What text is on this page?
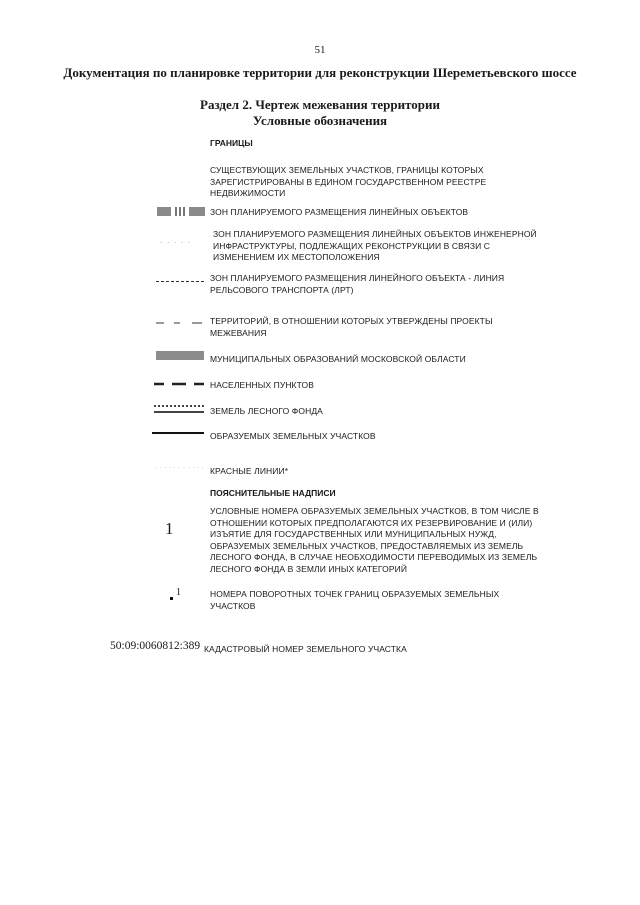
51
Документация по планировке территории для реконструкции Шереметьевского шоссе
Раздел 2. Чертеж межевания территории
Условные обозначения
ГРАНИЦЫ
СУЩЕСТВУЮЩИХ ЗЕМЕЛЬНЫХ УЧАСТКОВ, ГРАНИЦЫ КОТОРЫХ ЗАРЕГИСТРИРОВАНЫ В ЕДИНОМ ГОСУДАРСТВЕННОМ РЕЕСТРЕ НЕДВИЖИМОСТИ
ЗОН ПЛАНИРУЕМОГО РАЗМЕЩЕНИЯ ЛИНЕЙНЫХ ОБЪЕКТОВ
· · · · ·
ЗОН ПЛАНИРУЕМОГО РАЗМЕЩЕНИЯ ЛИНЕЙНЫХ ОБЪЕКТОВ ИНЖЕНЕРНОЙ ИНФРАСТРУКТУРЫ, ПОДЛЕЖАЩИХ РЕКОНСТРУКЦИИ В СВЯЗИ С ИЗМЕНЕНИЕМ ИХ МЕСТОПОЛОЖЕНИЯ
ЗОН ПЛАНИРУЕМОГО РАЗМЕЩЕНИЯ ЛИНЕЙНОГО ОБЪЕКТА - ЛИНИЯ РЕЛЬСОВОГО ТРАНСПОРТА (ЛРТ)
ТЕРРИТОРИЙ, В ОТНОШЕНИИ КОТОРЫХ УТВЕРЖДЕНЫ ПРОЕКТЫ МЕЖЕВАНИЯ
МУНИЦИПАЛЬНЫХ ОБРАЗОВАНИЙ МОСКОВСКОЙ ОБЛАСТИ
НАСЕЛЕННЫХ ПУНКТОВ
ЗЕМЕЛЬ ЛЕСНОГО ФОНДА
ОБРАЗУЕМЫХ ЗЕМЕЛЬНЫХ УЧАСТКОВ
· · · · · · · · · · · КРАСНЫЕ ЛИНИИ*
ПОЯСНИТЕЛЬНЫЕ НАДПИСИ
1
УСЛОВНЫЕ НОМЕРА ОБРАЗУЕМЫХ ЗЕМЕЛЬНЫХ УЧАСТКОВ, В ТОМ ЧИСЛЕ В ОТНОШЕНИИ КОТОРЫХ ПРЕДПОЛАГАЮТСЯ ИХ РЕЗЕРВИРОВАНИЕ И (ИЛИ) ИЗЪЯТИЕ ДЛЯ ГОСУДАРСТВЕННЫХ ИЛИ МУНИЦИПАЛЬНЫХ НУЖД, ОБРАЗУЕМЫХ ЗЕМЕЛЬНЫХ УЧАСТКОВ, ПРЕДОСТАВЛЯЕМЫХ ИЗ ЗЕМЕЛЬ ЛЕСНОГО ФОНДА, В СЛУЧАЕ НЕОБХОДИМОСТИ ПЕРЕВОДИМЫХ ИЗ ЗЕМЕЛЬ ЛЕСНОГО ФОНДА В ЗЕМЛИ ИНЫХ КАТЕГОРИЙ
1	НОМЕРА ПОВОРОТНЫХ ТОЧЕК ГРАНИЦ ОБРАЗУЕМЫХ ЗЕМЕЛЬНЫХ УЧАСТКОВ
50:09:0060812:389 КАДАСТРОВЫЙ НОМЕР ЗЕМЕЛЬНОГО УЧАСТКА
